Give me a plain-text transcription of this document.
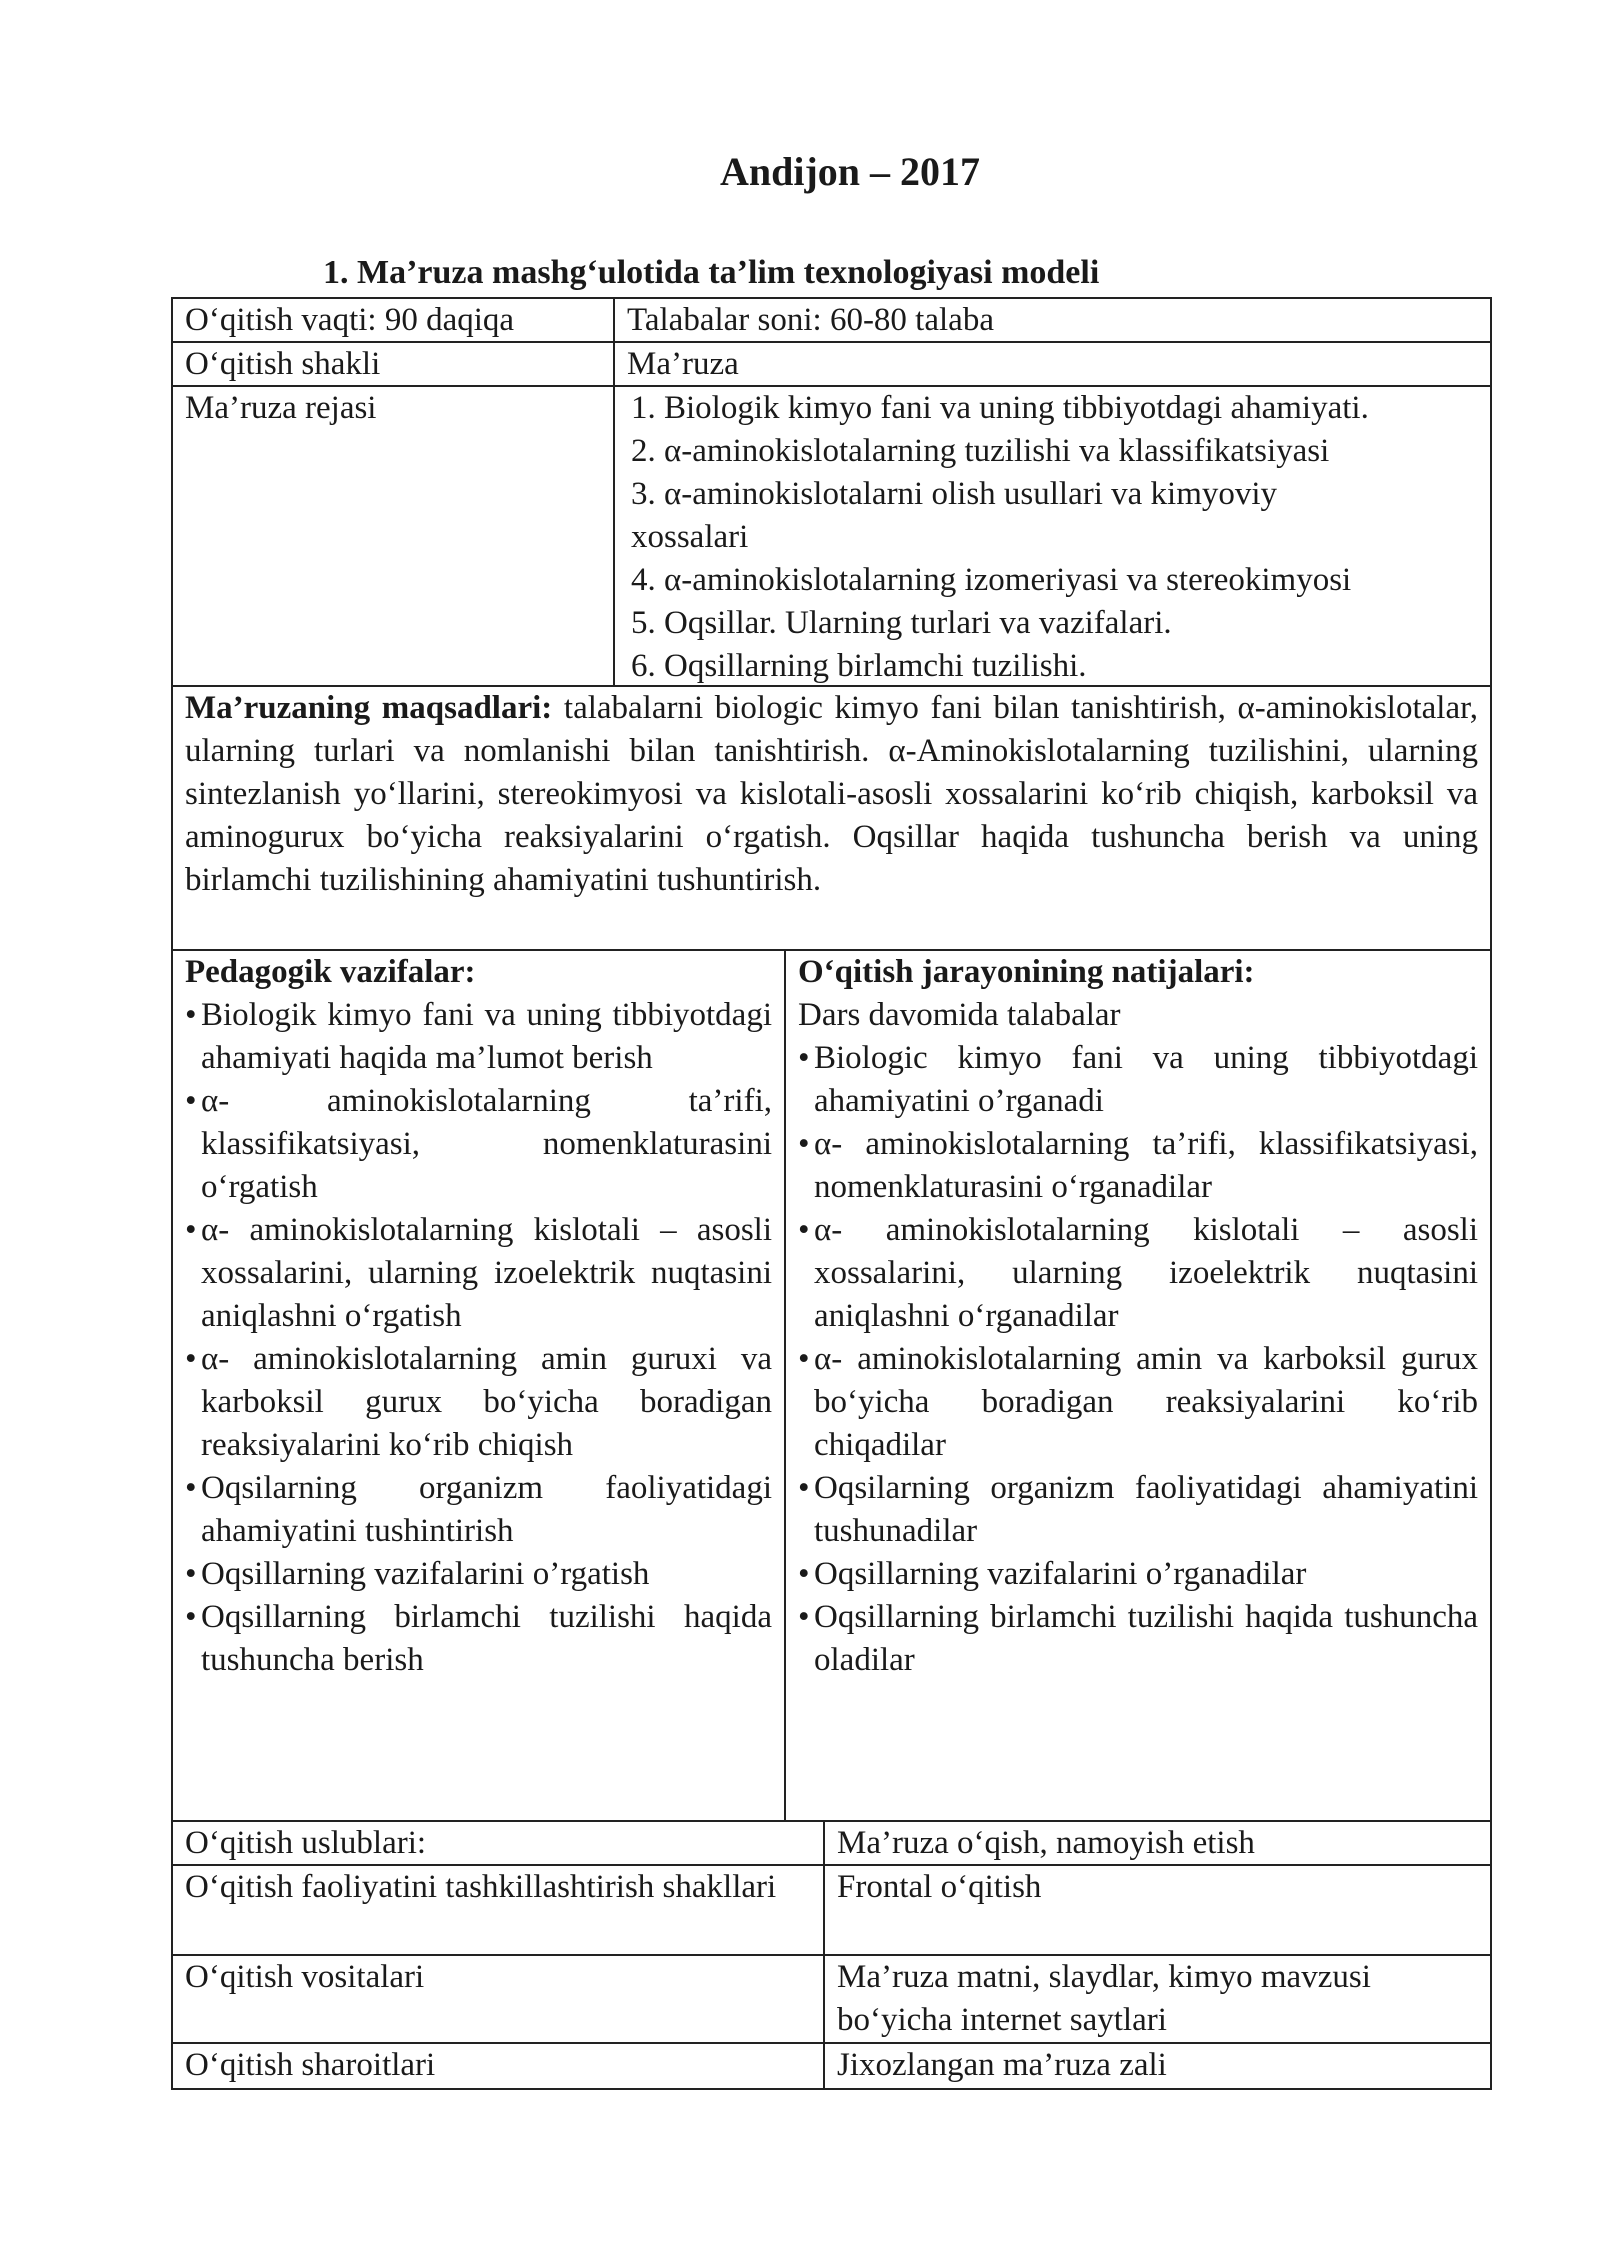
Andijon – 2017
1. Ma’ruza mashg‘ulotida ta’lim texnologiyasi modeli
O‘qitish vaqti: 90 daqiqa	Talabalar soni: 60-80 talaba
O‘qitish shakli	Ma’ruza
Ma’ruza rejasi	1. Biologik kimyo fani va uning tibbiyotdagi ahamiyati.
2. α-aminokislotalarning tuzilishi va klassifikatsiyasi
3. α-aminokislotalarni olish usullari va kimyoviy
xossalari
4. α-aminokislotalarning izomeriyasi va stereokimyosi
5. Oqsillar. Ularning turlari va vazifalari.
6. Oqsillarning birlamchi tuzilishi.
Ma’ruzaning maqsadlari: talabalarni biologic kimyo fani bilan tanishtirish, α-aminokislotalar, ularning turlari va nomlanishi bilan tanishtirish. α-Aminokislotalarning tuzilishini, ularning sintezlanish yo‘llarini, stereokimyosi va kislotali-asosli xossalarini ko‘rib chiqish, karboksil va aminogurux bo‘yicha reaksiyalarini o‘rgatish. Oqsillar haqida tushuncha berish va uning birlamchi tuzilishining ahamiyatini tushuntirish.
Pedagogik vazifalar:
• Biologik kimyo fani va uning tibbiyotdagi ahamiyati haqida ma’lumot berish
• α- aminokislotalarning ta’rifi, klassifikatsiyasi, nomenklaturasini o‘rgatish
• α- aminokislotalarning kislotali – asosli xossalarini, ularning izoelektrik nuqtasini aniqlashni o‘rgatish
• α- aminokislotalarning amin guruxi va karboksil gurux bo‘yicha boradigan reaksiyalarini ko‘rib chiqish
• Oqsilarning organizm faoliyatidagi ahamiyatini tushintirish
• Oqsillarning vazifalarini o’rgatish
• Oqsillarning birlamchi tuzilishi haqida tushuncha berish
O‘qitish jarayonining natijalari:
Dars davomida talabalar
• Biologic kimyo fani va uning tibbiyotdagi ahamiyatini o’rganadi
• α- aminokislotalarning ta’rifi, klassifikatsiyasi, nomenklaturasini o‘rganadilar
• α- aminokislotalarning kislotali – asosli xossalarini, ularning izoelektrik nuqtasini aniqlashni o‘rganadilar
• α- aminokislotalarning amin va karboksil gurux bo‘yicha boradigan reaksiyalarini ko‘rib chiqadilar
• Oqsilarning organizm faoliyatidagi ahamiyatini tushunadilar
• Oqsillarning vazifalarini o’rganadilar
• Oqsillarning birlamchi tuzilishi haqida tushuncha oladilar
O‘qitish uslublari:	Ma’ruza o‘qish, namoyish etish
O‘qitish faoliyatini tashkillashtirish shakllari	Frontal o‘qitish
O‘qitish vositalari	Ma’ruza matni, slaydlar, kimyo mavzusi bo‘yicha internet saytlari
O‘qitish sharoitlari	Jixozlangan ma’ruza zali
